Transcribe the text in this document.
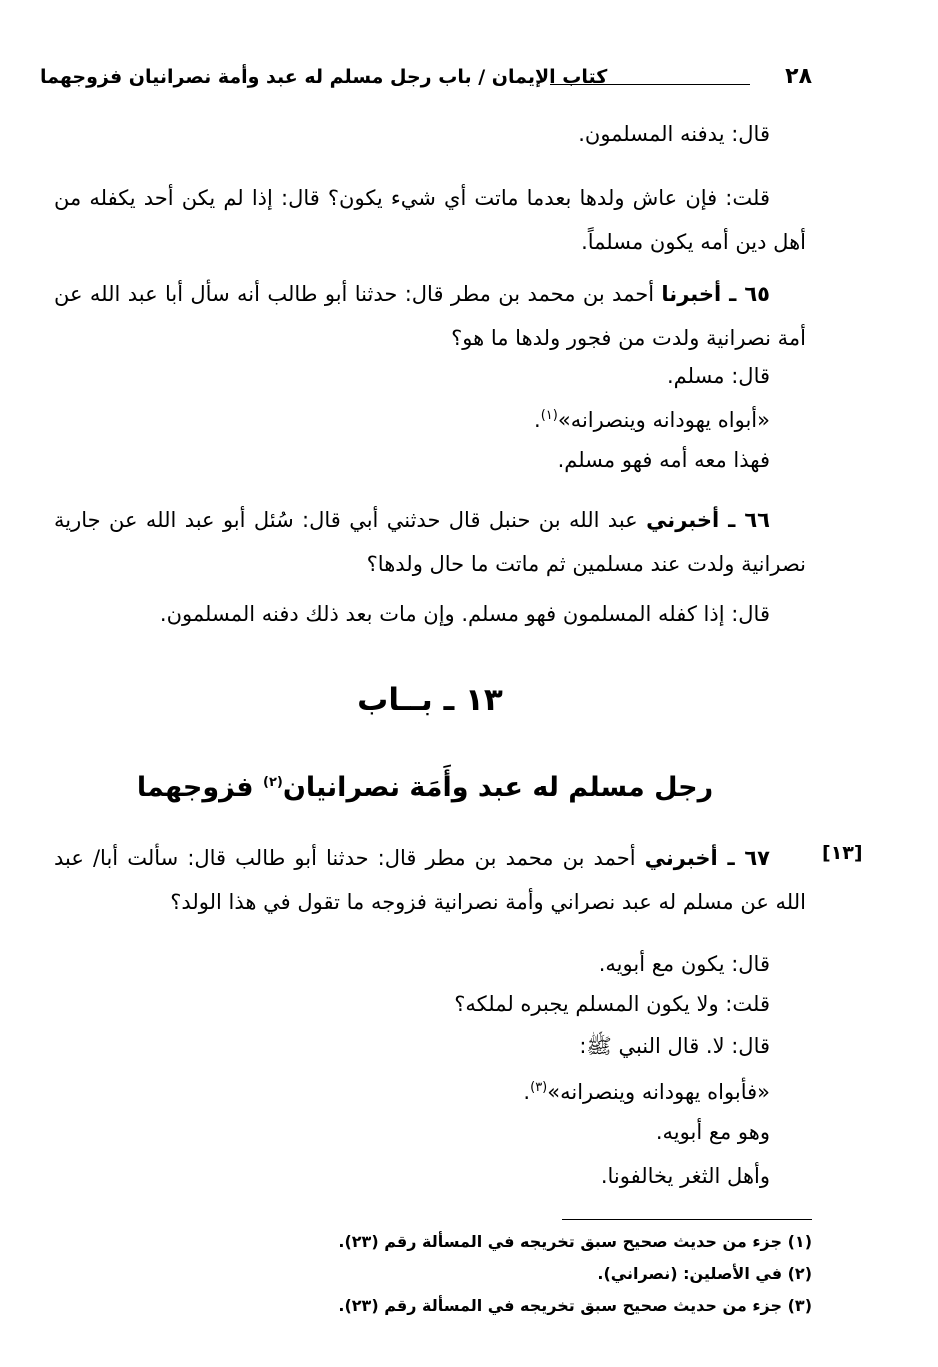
٢٨
كتاب الإيمان / باب رجل مسلم له عبد وأمة نصرانيان فزوجهما
قال: يدفنه المسلمون.
قلت: فإن عاش ولدها بعدما ماتت أي شيء يكون؟ قال: إذا لم يكن أحد يكفله من أهل دين أمه يكون مسلماً.
٦٥ ـ أخبرنا أحمد بن محمد بن مطر قال: حدثنا أبو طالب أنه سأل أبا عبد الله عن أمة نصرانية ولدت من فجور ولدها ما هو؟
قال: مسلم.
«أبواه يهودانه وينصرانه»$^{(١)}$.
فهذا معه أمه فهو مسلم.
٦٦ ـ أخبرني عبد الله بن حنبل قال حدثني أبي قال: سُئل أبو عبد الله عن جارية نصرانية ولدت عند مسلمين ثم ماتت ما حال ولدها؟
قال: إذا كفله المسلمون فهو مسلم. وإن مات بعد ذلك دفنه المسلمون.
١٣ ـ بــاب
رجل مسلم له عبد وأَمَة نصرانيان$^{(٢)}$ فزوجهما
[١٣]
٦٧ ـ أخبرني أحمد بن محمد بن مطر قال: حدثنا أبو طالب قال: سألت أبا/ عبد الله عن مسلم له عبد نصراني وأمة نصرانية فزوجه ما تقول في هذا الولد؟
قال: يكون مع أبويه.
قلت: ولا يكون المسلم يجبره لملكه؟
قال: لا. قال النبي ﷺ:
«فأبواه يهودانه وينصرانه»$^{(٣)}$.
وهو مع أبويه.
وأهل الثغر يخالفونا.
(١) جزء من حديث صحيح سبق تخريجه في المسألة رقم (٢٣).
(٢) في الأصلين: (نصراني).
(٣) جزء من حديث صحيح سبق تخريجه في المسألة رقم (٢٣).
